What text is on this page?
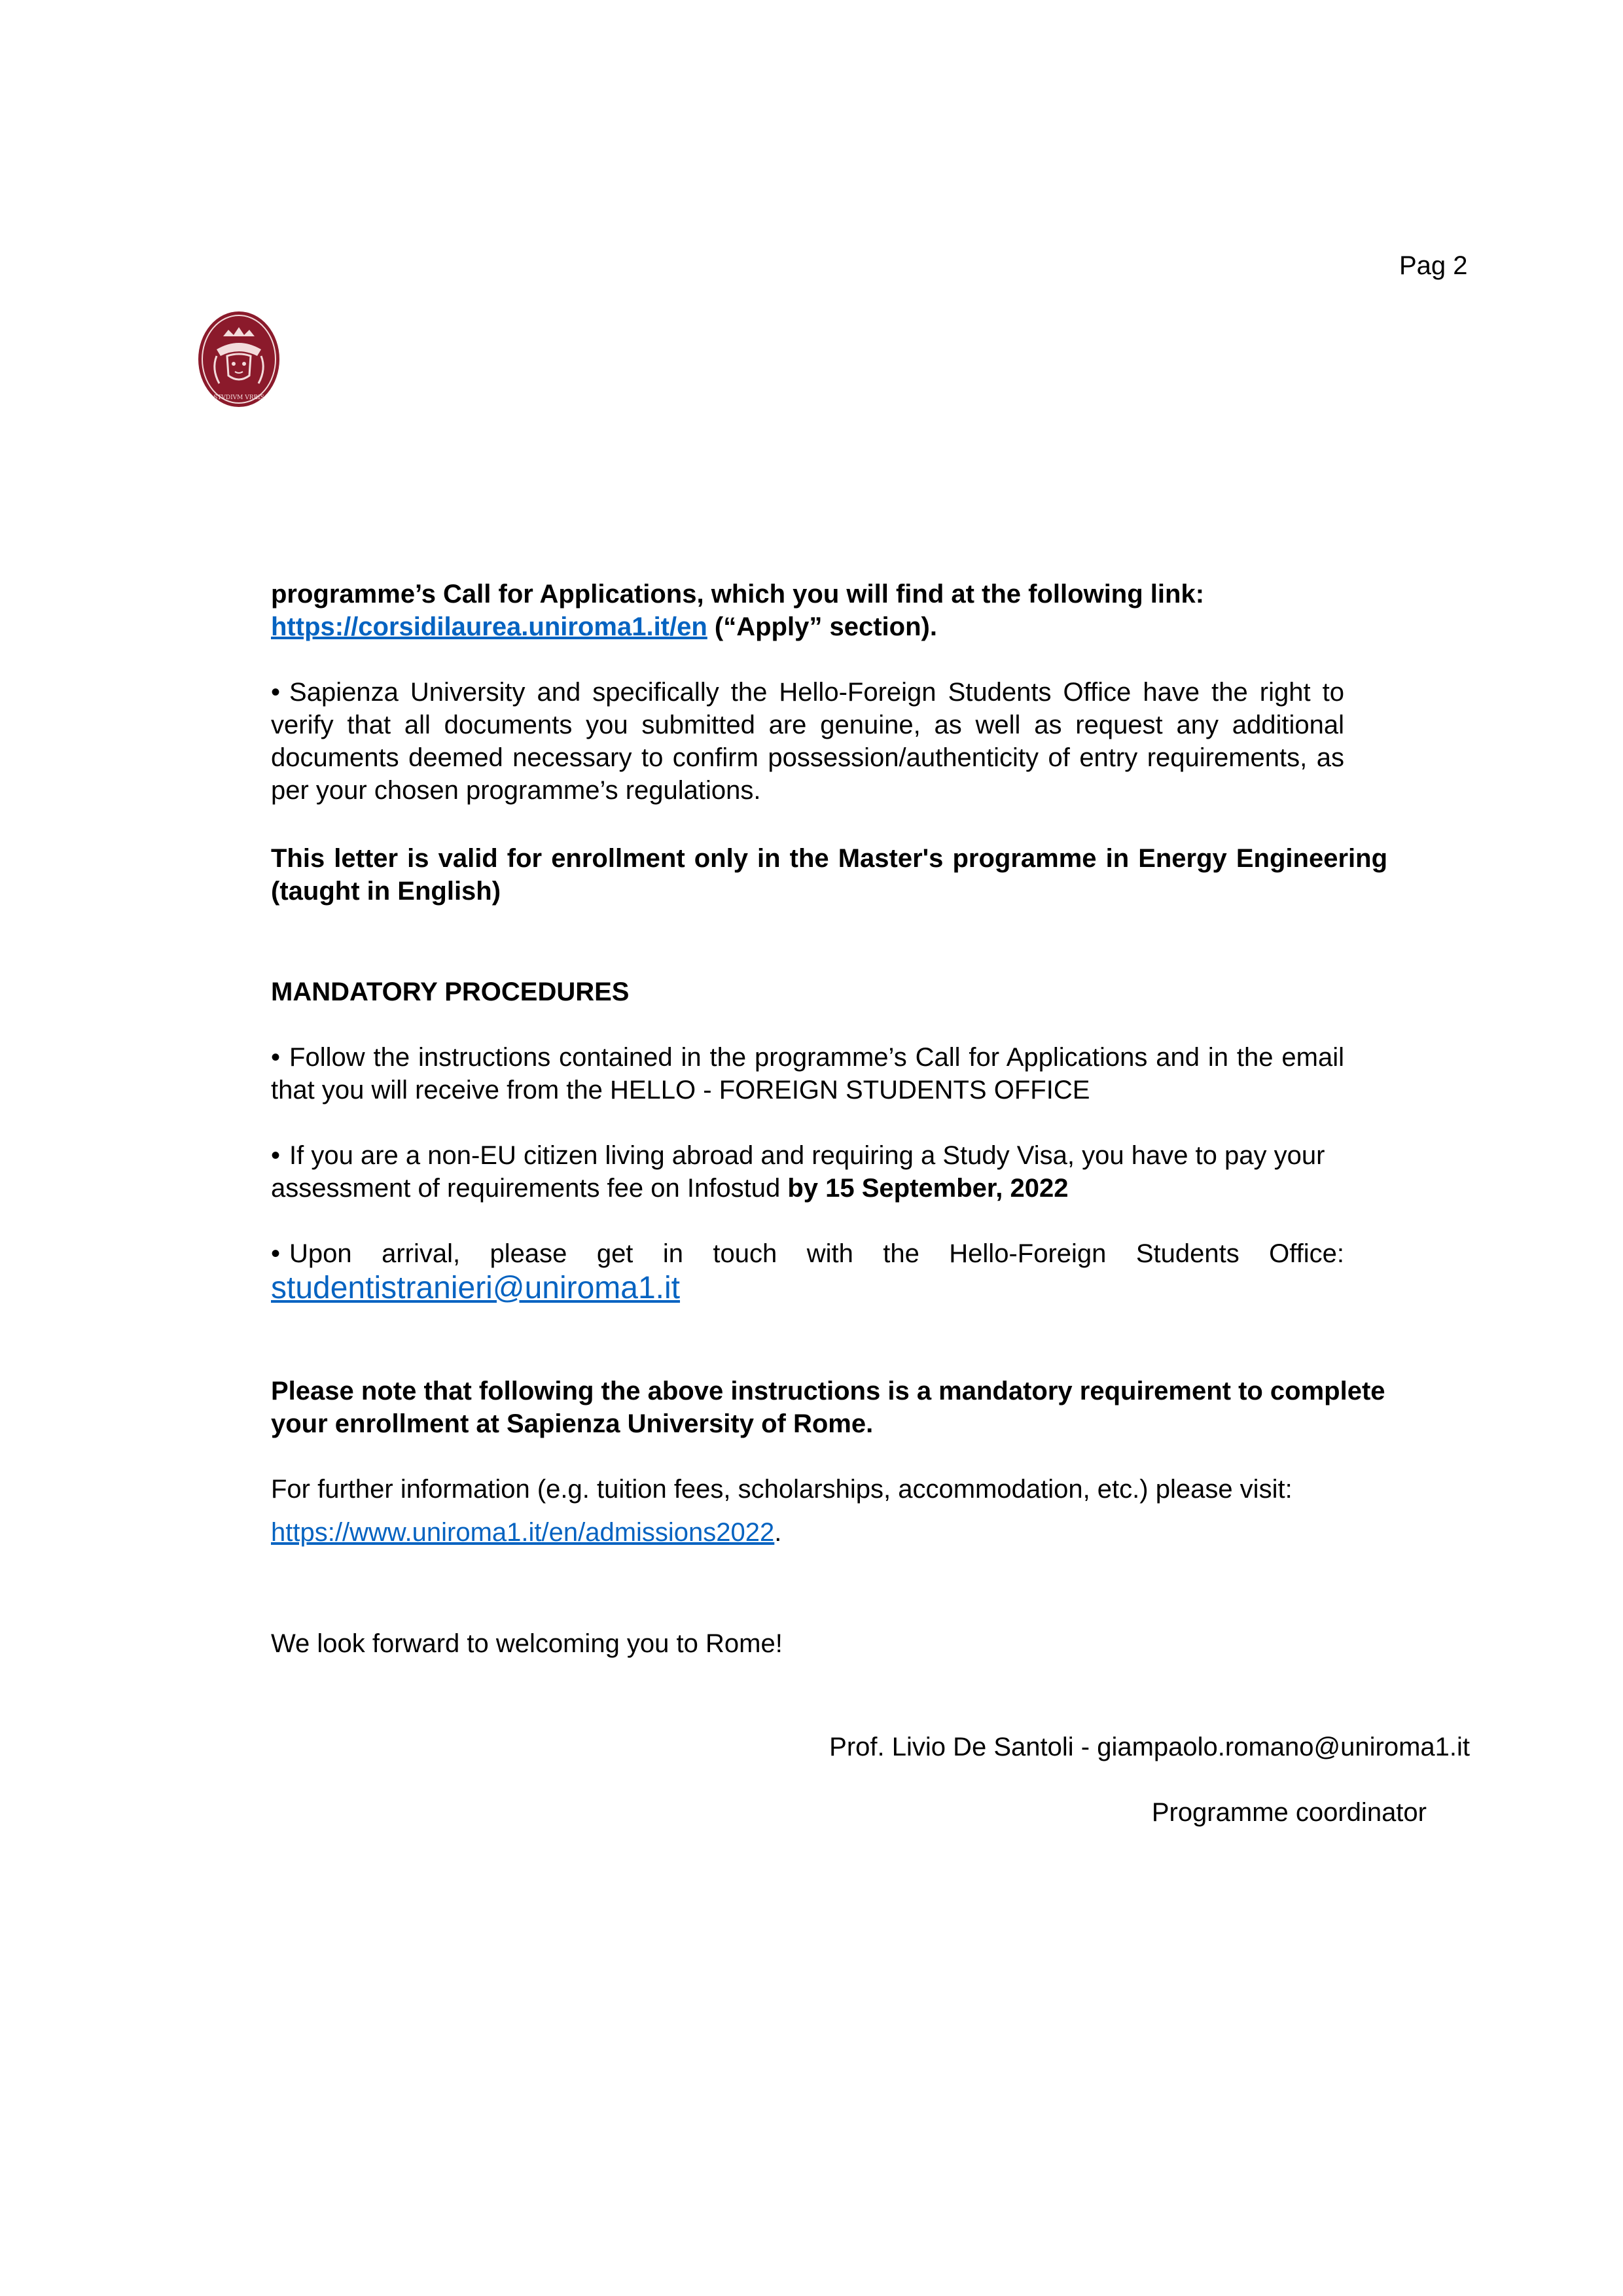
Pag 2
STVDIVM VRBIS

programme’s Call for Applications, which you will find at the following link:

https://corsidilaurea.uniroma1.it/en (“Apply” section).

• Sapienza University and specifically the Hello-Foreign Students Office have the right to verify that all documents you submitted are genuine, as well as request any additional documents deemed necessary to confirm possession/authenticity of entry requirements, as per your chosen programme’s regulations.

This letter is valid for enrollment only in the Master's programme in Energy Engineering (taught in English)

MANDATORY PROCEDURES

• Follow the instructions contained in the programme’s Call for Applications and in the email that you will receive from the HELLO - FOREIGN STUDENTS OFFICE

• If you are a non-EU citizen living abroad and requiring a Study Visa, you have to pay your assessment of requirements fee on Infostud by 15 September, 2022

• Upon arrival, please get in touch with the Hello-Foreign Students Office:

studentistranieri@uniroma1.it

Please note that following the above instructions is a mandatory requirement to complete your enrollment at Sapienza University of Rome.

For further information (e.g. tuition fees, scholarships, accommodation, etc.) please visit:

https://www.uniroma1.it/en/admissions2022.

We look forward to welcoming you to Rome!

Prof. Livio De Santoli - giampaolo.romano@uniroma1.it
Programme coordinator
